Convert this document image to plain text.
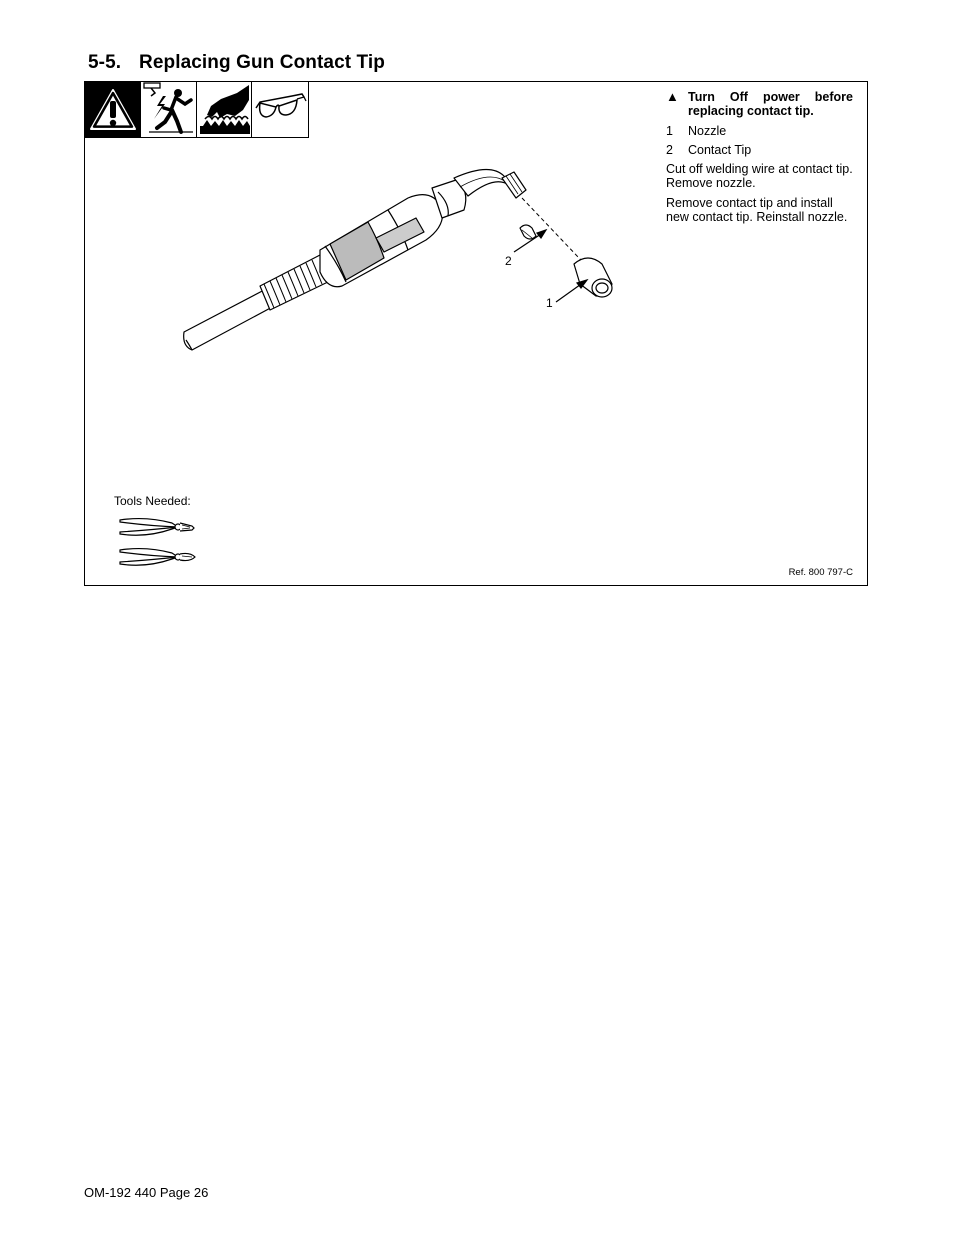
5-5. Replacing Gun Contact Tip
2
1
▲ Turn Off power before replacing contact tip.
1	Nozzle
2	Contact Tip

Cut off welding wire at contact tip. Remove nozzle.

Remove contact tip and install new contact tip. Reinstall nozzle.

Tools Needed:
Ref. 800 797-C
OM-192 440 Page 26
